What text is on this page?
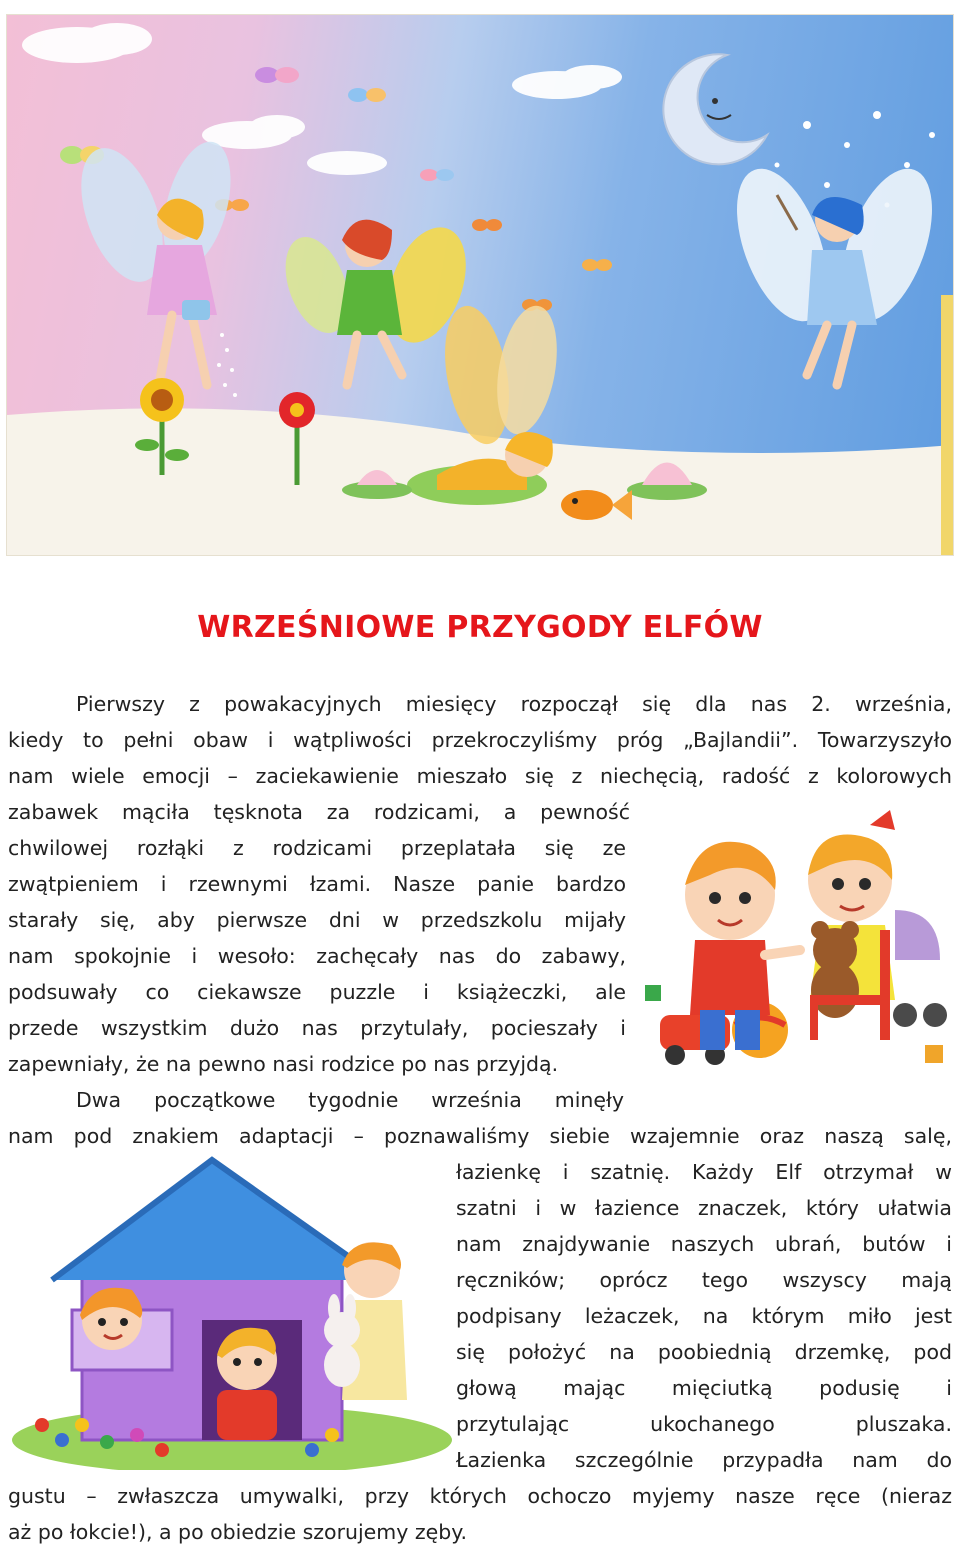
WRZEŚNIOWE PRZYGODY ELFÓW
Pierwszy z powakacyjnych miesięcy rozpoczął się dla nas 2. września,
kiedy to pełni obaw i wątpliwości przekroczyliśmy próg „Bajlandii”. Towarzyszyło
nam wiele emocji – zaciekawienie mieszało się z niechęcią, radość z kolorowych
zabawek mąciła tęsknota za rodzicami, a pewność
chwilowej rozłąki z rodzicami przeplatała się ze
zwątpieniem i rzewnymi łzami. Nasze panie bardzo
starały się, aby pierwsze dni w przedszkolu mijały
nam spokojnie i wesoło: zachęcały nas do zabawy,
podsuwały co ciekawsze puzzle i książeczki, ale
przede wszystkim dużo nas przytulały, pocieszały i
zapewniały, że na pewno nasi rodzice po nas przyjdą.
Dwa początkowe tygodnie września minęły
nam pod znakiem adaptacji – poznawaliśmy siebie wzajemnie oraz naszą salę,
łazienkę i szatnię. Każdy Elf otrzymał w
szatni i w łazience znaczek, który ułatwia
nam znajdywanie naszych ubrań, butów i
ręczników; oprócz tego wszyscy mają
podpisany leżaczek, na którym miło jest
się położyć na poobiednią drzemkę, pod
głową mając mięciutką podusię i
przytulając ukochanego pluszaka.
Łazienka szczególnie przypadła nam do
gustu – zwłaszcza umywalki, przy których ochoczo myjemy nasze ręce (nieraz
aż po łokcie!), a po obiedzie szorujemy zęby.
